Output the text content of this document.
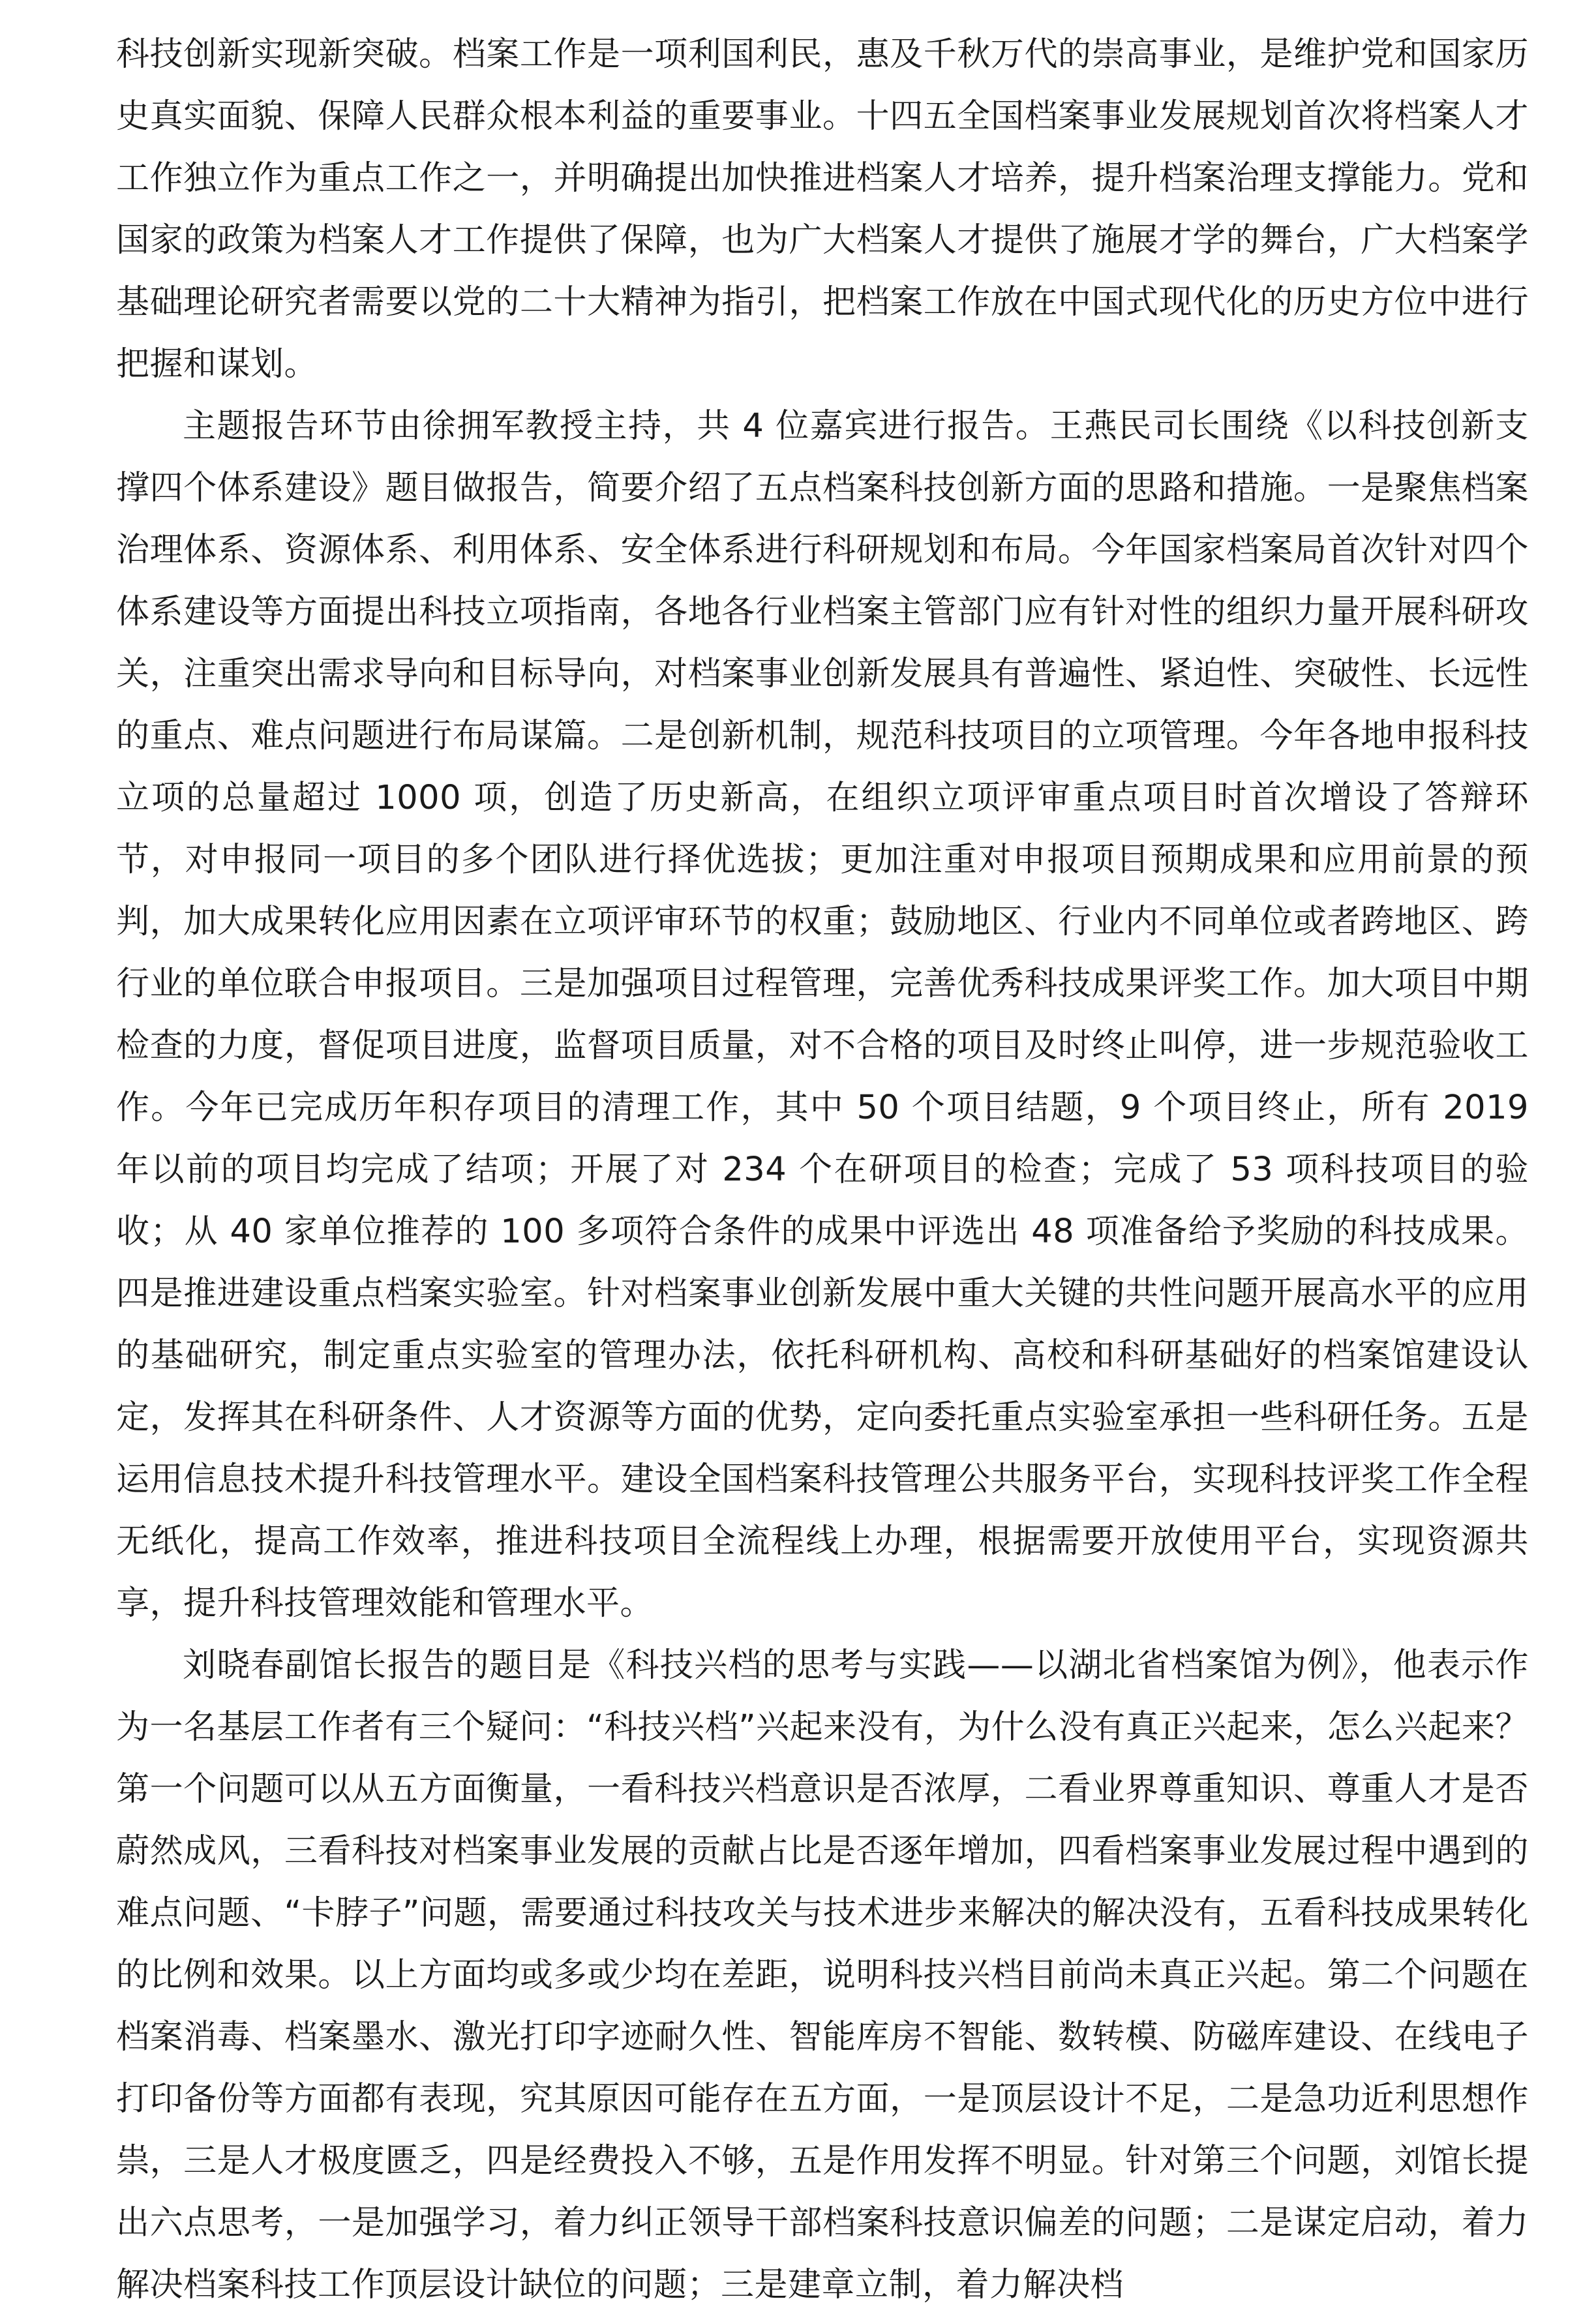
科技创新实现新突破。档案工作是一项利国利民，惠及千秋万代的崇高事业，是维护党和国家历史真实面貌、保障人民群众根本利益的重要事业。十四五全国档案事业发展规划首次将档案人才工作独立作为重点工作之一，并明确提出加快推进档案人才培养，提升档案治理支撑能力。党和国家的政策为档案人才工作提供了保障，也为广大档案人才提供了施展才学的舞台，广大档案学基础理论研究者需要以党的二十大精神为指引，把档案工作放在中国式现代化的历史方位中进行把握和谋划。

主题报告环节由徐拥军教授主持，共 4 位嘉宾进行报告。王燕民司长围绕《以科技创新支撑四个体系建设》题目做报告，简要介绍了五点档案科技创新方面的思路和措施。一是聚焦档案治理体系、资源体系、利用体系、安全体系进行科研规划和布局。今年国家档案局首次针对四个体系建设等方面提出科技立项指南，各地各行业档案主管部门应有针对性的组织力量开展科研攻关，注重突出需求导向和目标导向，对档案事业创新发展具有普遍性、紧迫性、突破性、长远性的重点、难点问题进行布局谋篇。二是创新机制，规范科技项目的立项管理。今年各地申报科技立项的总量超过 1000 项，创造了历史新高，在组织立项评审重点项目时首次增设了答辩环节，对申报同一项目的多个团队进行择优选拔；更加注重对申报项目预期成果和应用前景的预判，加大成果转化应用因素在立项评审环节的权重；鼓励地区、行业内不同单位或者跨地区、跨行业的单位联合申报项目。三是加强项目过程管理，完善优秀科技成果评奖工作。加大项目中期检查的力度，督促项目进度，监督项目质量，对不合格的项目及时终止叫停，进一步规范验收工作。今年已完成历年积存项目的清理工作，其中 50 个项目结题，9 个项目终止，所有 2019 年以前的项目均完成了结项；开展了对 234 个在研项目的检查；完成了 53 项科技项目的验收；从 40 家单位推荐的 100 多项符合条件的成果中评选出 48 项准备给予奖励的科技成果。四是推进建设重点档案实验室。针对档案事业创新发展中重大关键的共性问题开展高水平的应用的基础研究，制定重点实验室的管理办法，依托科研机构、高校和科研基础好的档案馆建设认定，发挥其在科研条件、人才资源等方面的优势，定向委托重点实验室承担一些科研任务。五是运用信息技术提升科技管理水平。建设全国档案科技管理公共服务平台，实现科技评奖工作全程无纸化，提高工作效率，推进科技项目全流程线上办理，根据需要开放使用平台，实现资源共享，提升科技管理效能和管理水平。

刘晓春副馆长报告的题目是《科技兴档的思考与实践——以湖北省档案馆为例》，他表示作为一名基层工作者有三个疑问：“科技兴档”兴起来没有，为什么没有真正兴起来，怎么兴起来？第一个问题可以从五方面衡量，一看科技兴档意识是否浓厚，二看业界尊重知识、尊重人才是否蔚然成风，三看科技对档案事业发展的贡献占比是否逐年增加，四看档案事业发展过程中遇到的难点问题、“卡脖子”问题，需要通过科技攻关与技术进步来解决的解决没有，五看科技成果转化的比例和效果。以上方面均或多或少均在差距，说明科技兴档目前尚未真正兴起。第二个问题在档案消毒、档案墨水、激光打印字迹耐久性、智能库房不智能、数转模、防磁库建设、在线电子打印备份等方面都有表现，究其原因可能存在五方面，一是顶层设计不足，二是急功近利思想作祟，三是人才极度匮乏，四是经费投入不够，五是作用发挥不明显。针对第三个问题，刘馆长提出六点思考，一是加强学习，着力纠正领导干部档案科技意识偏差的问题；二是谋定启动，着力解决档案科技工作顶层设计缺位的问题；三是建章立制，着力解决档
